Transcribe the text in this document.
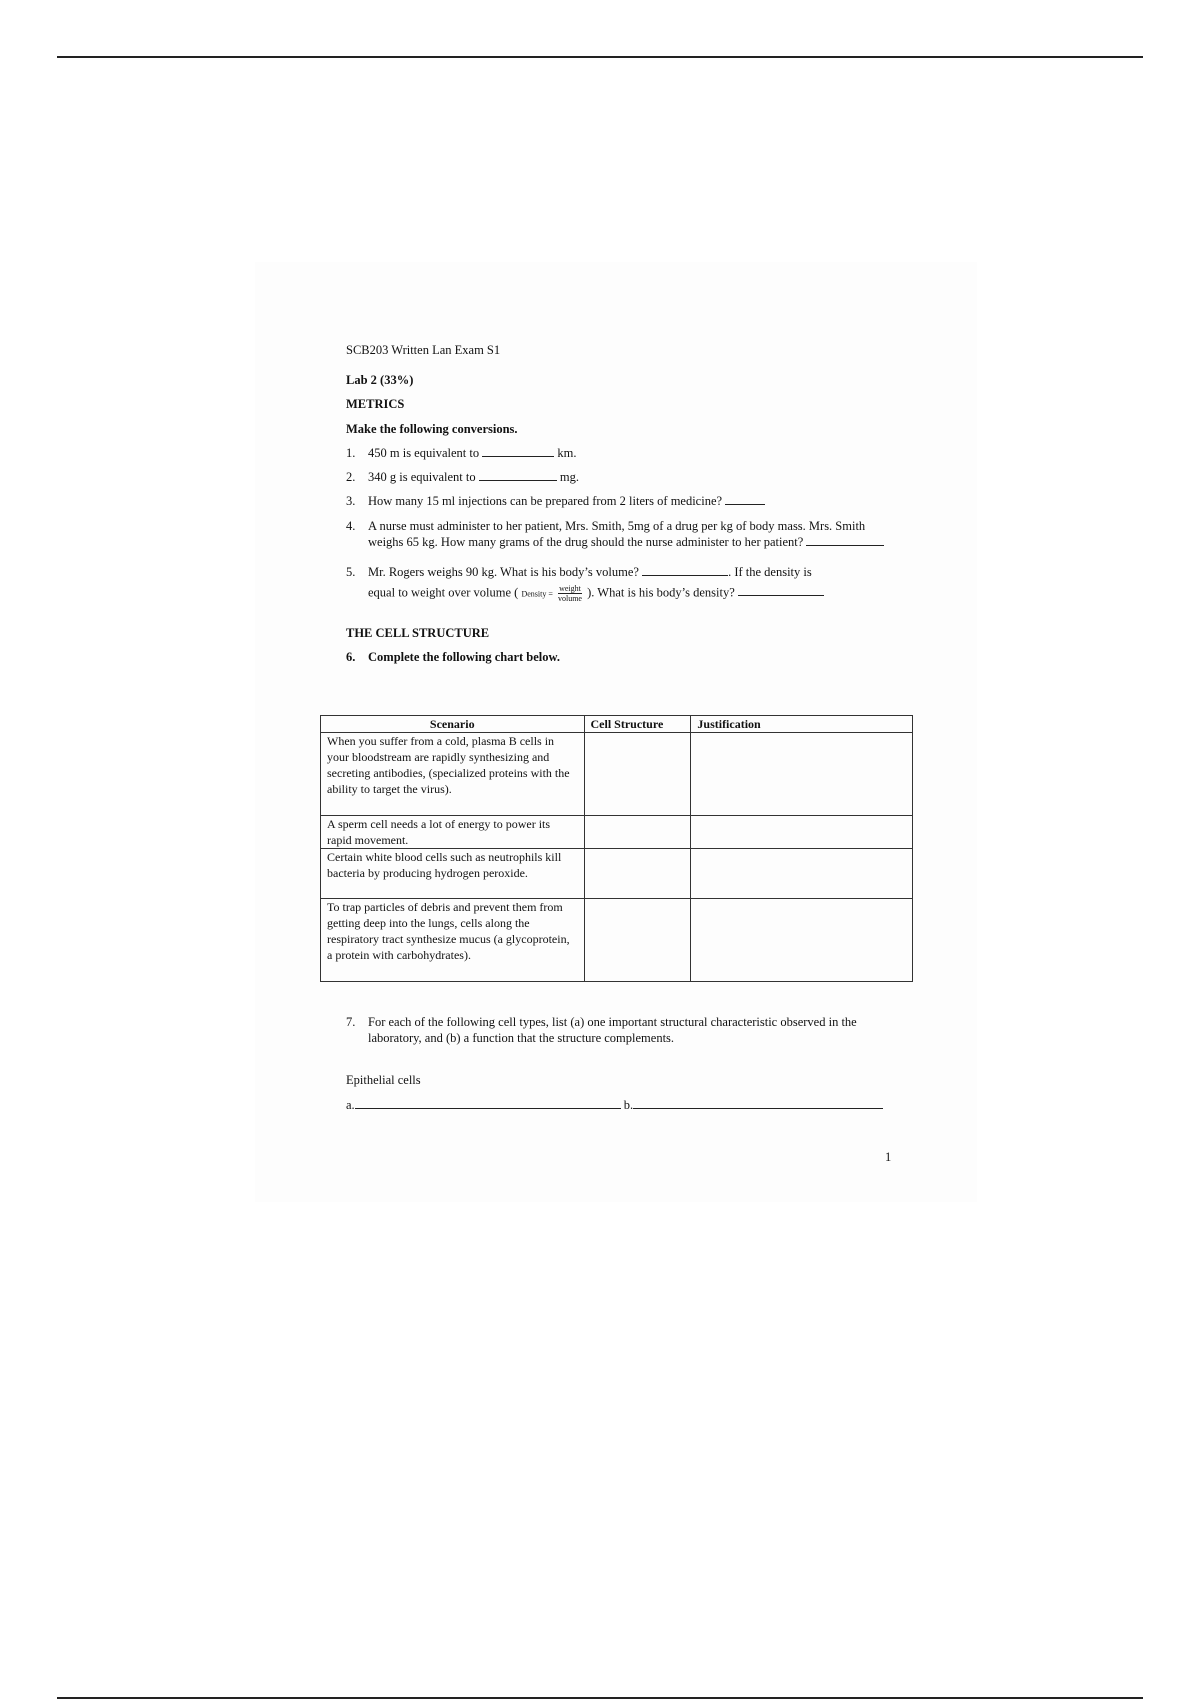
SCB203 Written Lan Exam S1

Lab 2 (33%)

METRICS

Make the following conversions.

1.	450 m is equivalent to	km.
2.	340 g is equivalent to	mg.
3.	How many 15 ml injections can be prepared from 2 liters of medicine?
4.	A nurse must administer to her patient, Mrs. Smith, 5mg of a drug per kg of body mass. Mrs. Smith weighs 65 kg. How many grams of the drug should the nurse administer to her patient?
5.	Mr. Rogers weighs 90 kg. What is his body’s volume?	. If the density is
equal to weight over volume ( Density = $\frac{\text{weight}}{\text{volume}}$ ). What is his body’s density?

THE CELL STRUCTURE

6.	Complete the following chart below.
Scenario	Cell Structure	Justification
When you suffer from a cold, plasma B cells in your bloodstream are rapidly synthesizing and secreting antibodies, (specialized proteins with the ability to target the virus).		
A sperm cell needs a lot of energy to power its rapid movement.		
Certain white blood cells such as neutrophils kill bacteria by producing hydrogen peroxide.		
To trap particles of debris and prevent them from getting deep into the lungs, cells along the respiratory tract synthesize mucus (a glycoprotein, a protein with carbohydrates).		
7.	For each of the following cell types, list (a) one important structural characteristic observed in the laboratory, and (b) a function that the structure complements.

Epithelial cells

a.	b.
1
